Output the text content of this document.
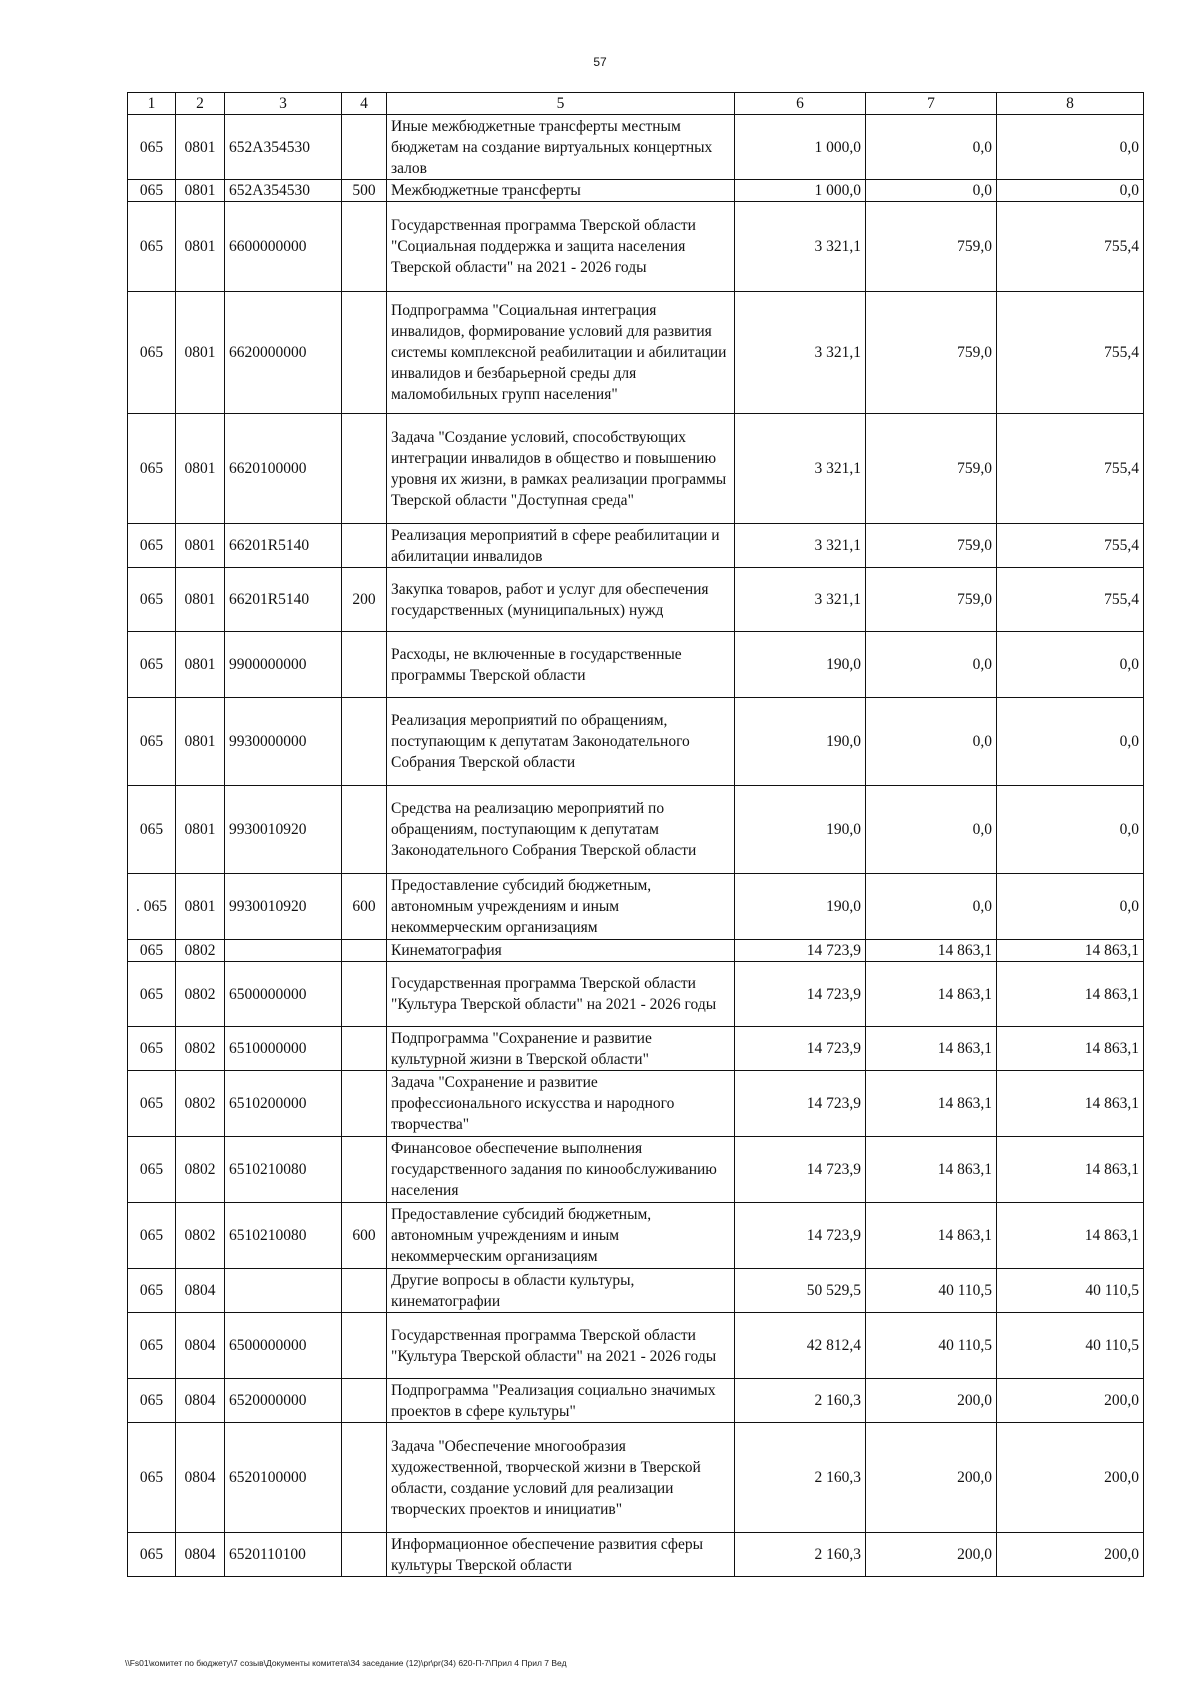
57
1	2	3	4	5	6	7	8
065	0801	652A354530		Иные межбюджетные трансферты местным бюджетам на создание виртуальных концертных залов	1 000,0	0,0	0,0
065	0801	652A354530	500	Межбюджетные трансферты	1 000,0	0,0	0,0
065	0801	6600000000		Государственная программа Тверской области "Социальная поддержка и защита населения Тверской области" на 2021 - 2026 годы	3 321,1	759,0	755,4
065	0801	6620000000		Подпрограмма "Социальная интеграция инвалидов, формирование условий для развития системы комплексной реабилитации и абилитации инвалидов и безбарьерной среды для маломобильных групп населения"	3 321,1	759,0	755,4
065	0801	6620100000		Задача "Создание условий, способствующих интеграции инвалидов в общество и повышению уровня их жизни, в рамках реализации программы Тверской области "Доступная среда"	3 321,1	759,0	755,4
065	0801	66201R5140		Реализация мероприятий в сфере реабилитации и абилитации инвалидов	3 321,1	759,0	755,4
065	0801	66201R5140	200	Закупка товаров, работ и услуг для обеспечения государственных (муниципальных) нужд	3 321,1	759,0	755,4
065	0801	9900000000		Расходы, не включенные в государственные программы Тверской области	190,0	0,0	0,0
065	0801	9930000000		Реализация мероприятий по обращениям, поступающим к депутатам Законодательного Собрания Тверской области	190,0	0,0	0,0
065	0801	9930010920		Средства на реализацию мероприятий по обращениям, поступающим к депутатам Законодательного Собрания Тверской области	190,0	0,0	0,0
. 065	0801	9930010920	600	Предоставление субсидий бюджетным, автономным учреждениям и иным некоммерческим организациям	190,0	0,0	0,0
065	0802			Кинематография	14 723,9	14 863,1	14 863,1
065	0802	6500000000		Государственная программа Тверской области "Культура Тверской области" на 2021 - 2026 годы	14 723,9	14 863,1	14 863,1
065	0802	6510000000		Подпрограмма "Сохранение и развитие культурной жизни в Тверской области"	14 723,9	14 863,1	14 863,1
065	0802	6510200000		Задача "Сохранение и развитие профессионального искусства и народного творчества"	14 723,9	14 863,1	14 863,1
065	0802	6510210080		Финансовое обеспечение выполнения государственного задания по кинообслуживанию населения	14 723,9	14 863,1	14 863,1
065	0802	6510210080	600	Предоставление субсидий бюджетным, автономным учреждениям и иным некоммерческим организациям	14 723,9	14 863,1	14 863,1
065	0804			Другие вопросы в области культуры, кинематографии	50 529,5	40 110,5	40 110,5
065	0804	6500000000		Государственная программа Тверской области "Культура Тверской области" на 2021 - 2026 годы	42 812,4	40 110,5	40 110,5
065	0804	6520000000		Подпрограмма "Реализация социально значимых проектов в сфере культуры"	2 160,3	200,0	200,0
065	0804	6520100000		Задача "Обеспечение многообразия художественной, творческой жизни в Тверской области, создание условий для реализации творческих проектов и инициатив"	2 160,3	200,0	200,0
065	0804	6520110100		Информационное обеспечение развития сферы культуры Тверской области	2 160,3	200,0	200,0
\\Fs01\комитет по бюджету\7 созыв\Документы комитета\34 заседание (12)\pr\pr(34) 620-П-7\Прил 4 Прил 7 Вед
